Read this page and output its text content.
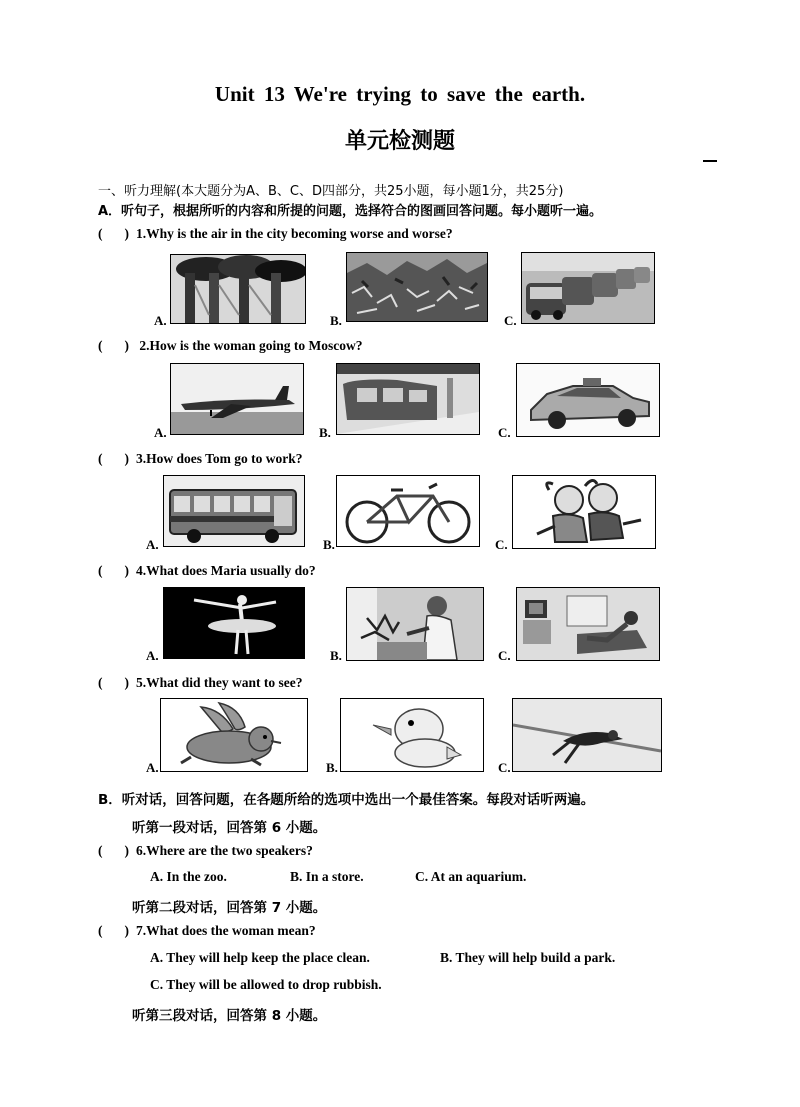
Unit 13 We're trying to save the earth.
单元检测题
一、听力理解(本大题分为A、B、C、D四部分，共25小题，每小题1分，共25分)
A．听句子，根据所听的内容和所提的问题，选择符合的图画回答问题。每小题听一遍。
( ) 1.Why is the air in the city becoming worse and worse?
A.	B.	C.
( ) 2.How is the woman going to Moscow?
A.	B.	C.
( ) 3.How does Tom go to work?
A.	B.	C.
( ) 4.What does Maria usually do?
A.	B.	C.
( ) 5.What did they want to see?
A.	B.	C.
B．听对话，回答问题，在各题所给的选项中选出一个最佳答案。每段对话听两遍。
听第一段对话，回答第 6 小题。
( ) 6.Where are the two speakers?
A. In the zoo.	B. In a store.	C. At an aquarium.
听第二段对话，回答第 7 小题。
( ) 7.What does the woman mean?
A. They will help keep the place clean.	B. They will help build a park.
C. They will be allowed to drop rubbish.
听第三段对话，回答第 8 小题。
